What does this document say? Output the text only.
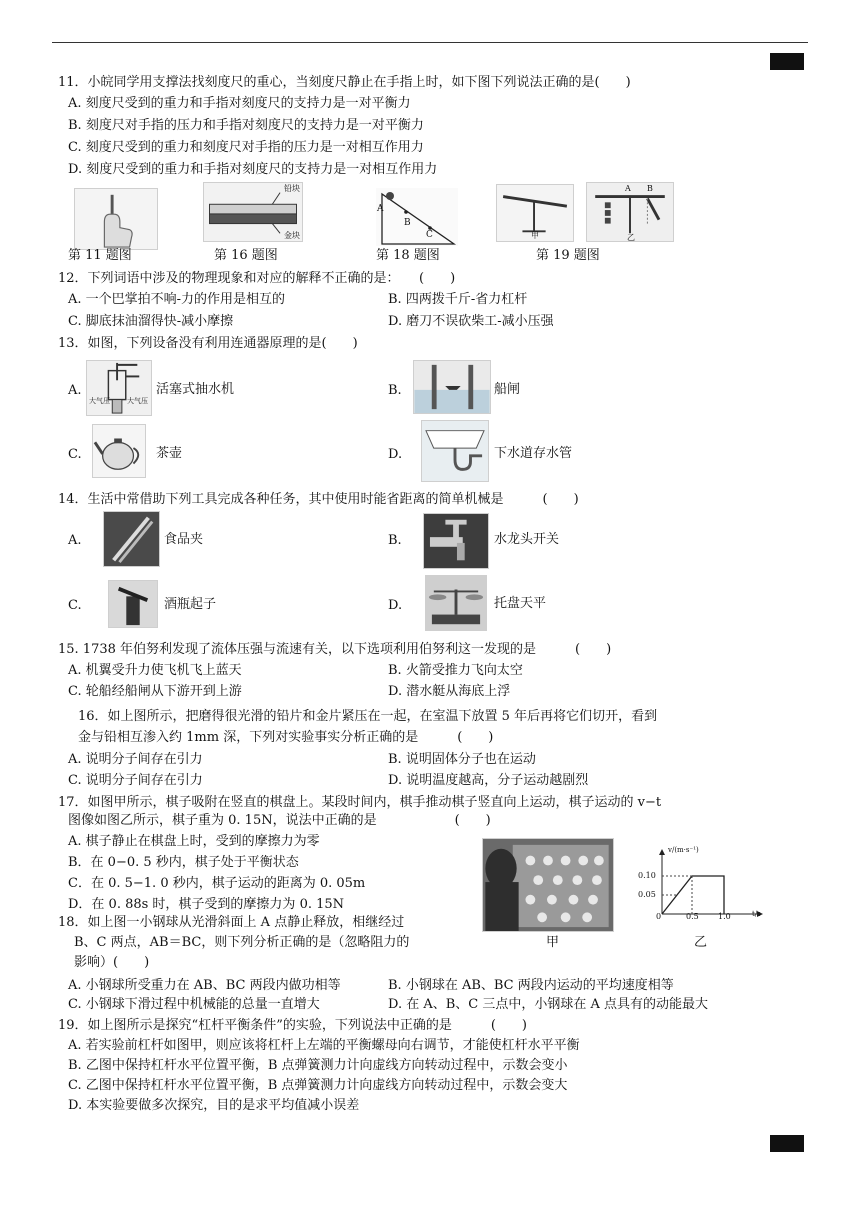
11．小皖同学用支撑法找刻度尺的重心，当刻度尺静止在手指上时，如下图下列说法正确的是(　　)
A. 刻度尺受到的重力和手指对刻度尺的支持力是一对平衡力
B. 刻度尺对手指的压力和手指对刻度尺的支持力是一对平衡力
C. 刻度尺受到的重力和刻度尺对手指的压力是一对相互作用力
D. 刻度尺受到的重力和手指对刻度尺的支持力是一对相互作用力
铅块
金块
A
B
C	甲
A B
乙
第 11 题图	第 16 题图	第 18 题图	第 19 题图
12．下列词语中涉及的物理现象和对应的解释不正确的是：　　(　　)
A. 一个巴掌拍不响-力的作用是相互的	B. 四两拨千斤-省力杠杆
C. 脚底抹油溜得快-减小摩擦	D. 磨刀不误砍柴工-减小压强
13．如图，下列设备没有利用连通器原理的是(　　)
A.
大气压 大气压
活塞式抽水机	B.	船闸
C.	茶壶	D.	下水道存水管
14．生活中常借助下列工具完成各种任务，其中使用时能省距离的简单机械是　　　(　　)
A.	食品夹	B.	水龙头开关
C.	酒瓶起子	D.	托盘天平
15. 1738 年伯努利发现了流体压强与流速有关，以下选项利用伯努利这一发现的是　　　(　　)
A. 机翼受升力使飞机飞上蓝天	B. 火箭受推力飞向太空
C. 轮船经船闸从下游开到上游	D. 潜水艇从海底上浮
16．如上图所示，把磨得很光滑的铅片和金片紧压在一起，在室温下放置 5 年后再将它们切开，看到
金与铅相互渗入约 1mm 深，下列对实验事实分析正确的是　　　(　　)
A. 说明分子间存在引力	B. 说明固体分子也在运动
C. 说明分子间存在引力	D. 说明温度越高，分子运动越剧烈
17．如图甲所示，棋子吸附在竖直的棋盘上。某段时间内，棋手推动棋子竖直向上运动，棋子运动的 v−t
图像如图乙所示，棋子重为 0. 15N，说法中正确的是　　　　　　(　　)
A. 棋子静止在棋盘上时，受到的摩擦力为零
B．在 0−0. 5 秒内，棋子处于平衡状态
C．在 0. 5−1. 0 秒内，棋子运动的距离为 0. 05m
D．在 0. 88s 时，棋子受到的摩擦力为 0. 15N
甲
v/(m·s⁻¹)
t/s
0.10
0.05
0	0.5 1.0
乙
18．如上图一小钢球从光滑斜面上 A 点静止释放，相继经过
B、C 两点，AB＝BC，则下列分析正确的是（忽略阻力的
影响）(　　)
A. 小钢球所受重力在 AB、BC 两段内做功相等	B. 小钢球在 AB、BC 两段内运动的平均速度相等
C. 小钢球下滑过程中机械能的总量一直增大	D. 在 A、B、C 三点中，小钢球在 A 点具有的动能最大
19．如上图所示是探究“杠杆平衡条件”的实验，下列说法中正确的是　　　(　　)
A. 若实验前杠杆如图甲，则应该将杠杆上左端的平衡螺母向右调节，才能使杠杆水平平衡
B. 乙图中保持杠杆水平位置平衡，B 点弹簧测力计向虚线方向转动过程中，示数会变小
C. 乙图中保持杠杆水平位置平衡，B 点弹簧测力计向虚线方向转动过程中，示数会变大
D. 本实验要做多次探究，目的是求平均值减小误差
